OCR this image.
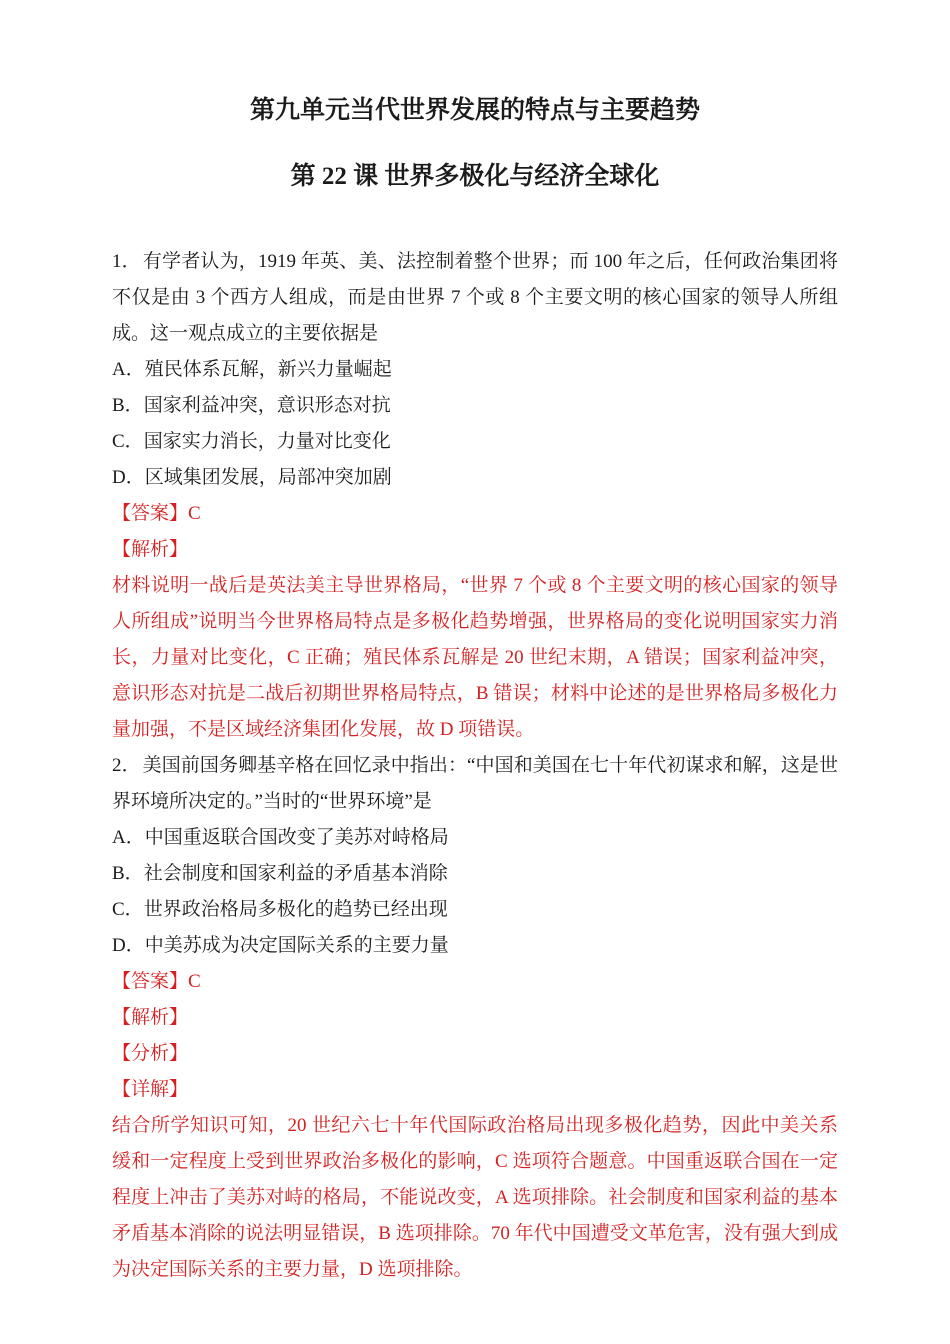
第九单元当代世界发展的特点与主要趋势
第 22 课 世界多极化与经济全球化

1． 有学者认为，1919 年英、美、法控制着整个世界；而 100 年之后，任何政治集团将不仅是由 3 个西方人组成，而是由世界 7 个或 8 个主要文明的核心国家的领导人所组成。这一观点成立的主要依据是

A．殖民体系瓦解，新兴力量崛起

B．国家利益冲突，意识形态对抗

C．国家实力消长，力量对比变化

D．区域集团发展，局部冲突加剧

【答案】C

【解析】

材料说明一战后是英法美主导世界格局，“世界 7 个或 8 个主要文明的核心国家的领导人所组成”说明当今世界格局特点是多极化趋势增强，世界格局的变化说明国家实力消长，力量对比变化，C 正确；殖民体系瓦解是 20 世纪末期，A 错误；国家利益冲突，意识形态对抗是二战后初期世界格局特点，B 错误；材料中论述的是世界格局多极化力量加强，不是区域经济集团化发展，故 D 项错误。

2． 美国前国务卿基辛格在回忆录中指出：“中国和美国在七十年代初谋求和解，这是世界环境所决定的。”当时的“世界环境”是

A．中国重返联合国改变了美苏对峙格局

B．社会制度和国家利益的矛盾基本消除

C．世界政治格局多极化的趋势已经出现

D．中美苏成为决定国际关系的主要力量

【答案】C

【解析】

【分析】

【详解】

结合所学知识可知，20 世纪六七十年代国际政治格局出现多极化趋势，因此中美关系缓和一定程度上受到世界政治多极化的影响，C 选项符合题意。中国重返联合国在一定程度上冲击了美苏对峙的格局，不能说改变，A 选项排除。社会制度和国家利益的基本矛盾基本消除的说法明显错误，B 选项排除。70 年代中国遭受文革危害，没有强大到成为决定国际关系的主要力量，D 选项排除。
